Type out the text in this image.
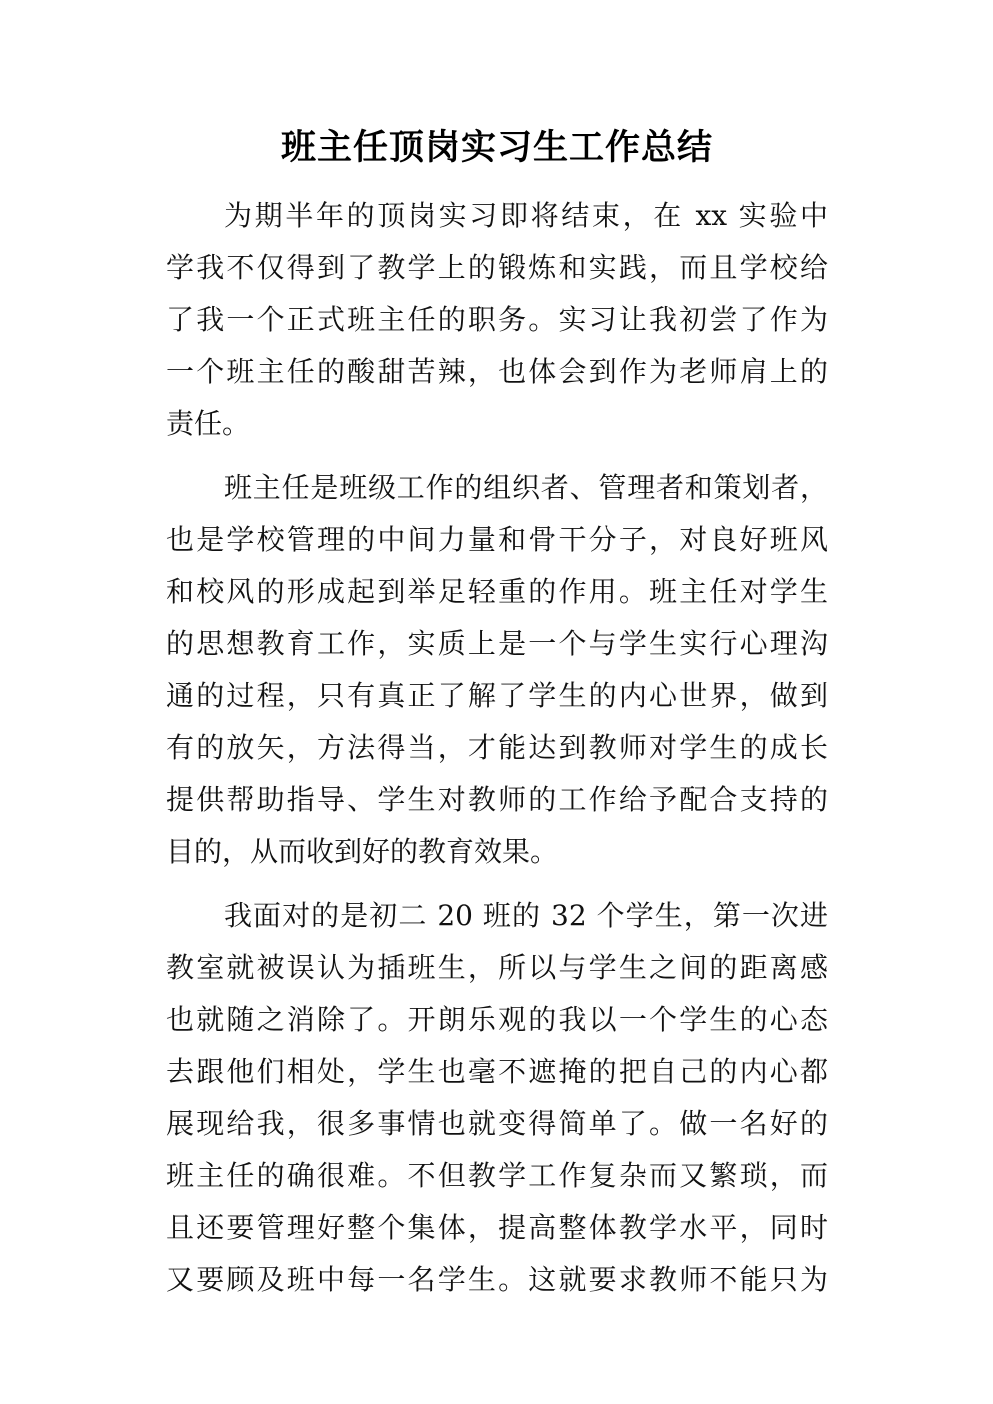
班主任顶岗实习生工作总结

为期半年的顶岗实习即将结束，在 xx 实验中
学我不仅得到了教学上的锻炼和实践，而且学校给
了我一个正式班主任的职务。实习让我初尝了作为
一个班主任的酸甜苦辣，也体会到作为老师肩上的
责任。

班主任是班级工作的组织者、管理者和策划者，
也是学校管理的中间力量和骨干分子，对良好班风
和校风的形成起到举足轻重的作用。班主任对学生
的思想教育工作，实质上是一个与学生实行心理沟
通的过程，只有真正了解了学生的内心世界，做到
有的放矢，方法得当，才能达到教师对学生的成长
提供帮助指导、学生对教师的工作给予配合支持的
目的，从而收到好的教育效果。

我面对的是初二 20 班的 32 个学生，第一次进
教室就被误认为插班生，所以与学生之间的距离感
也就随之消除了。开朗乐观的我以一个学生的心态
去跟他们相处，学生也毫不遮掩的把自己的内心都
展现给我，很多事情也就变得简单了。做一名好的
班主任的确很难。不但教学工作复杂而又繁琐，而
且还要管理好整个集体，提高整体教学水平，同时
又要顾及班中每一名学生。这就要求教师不能只为
